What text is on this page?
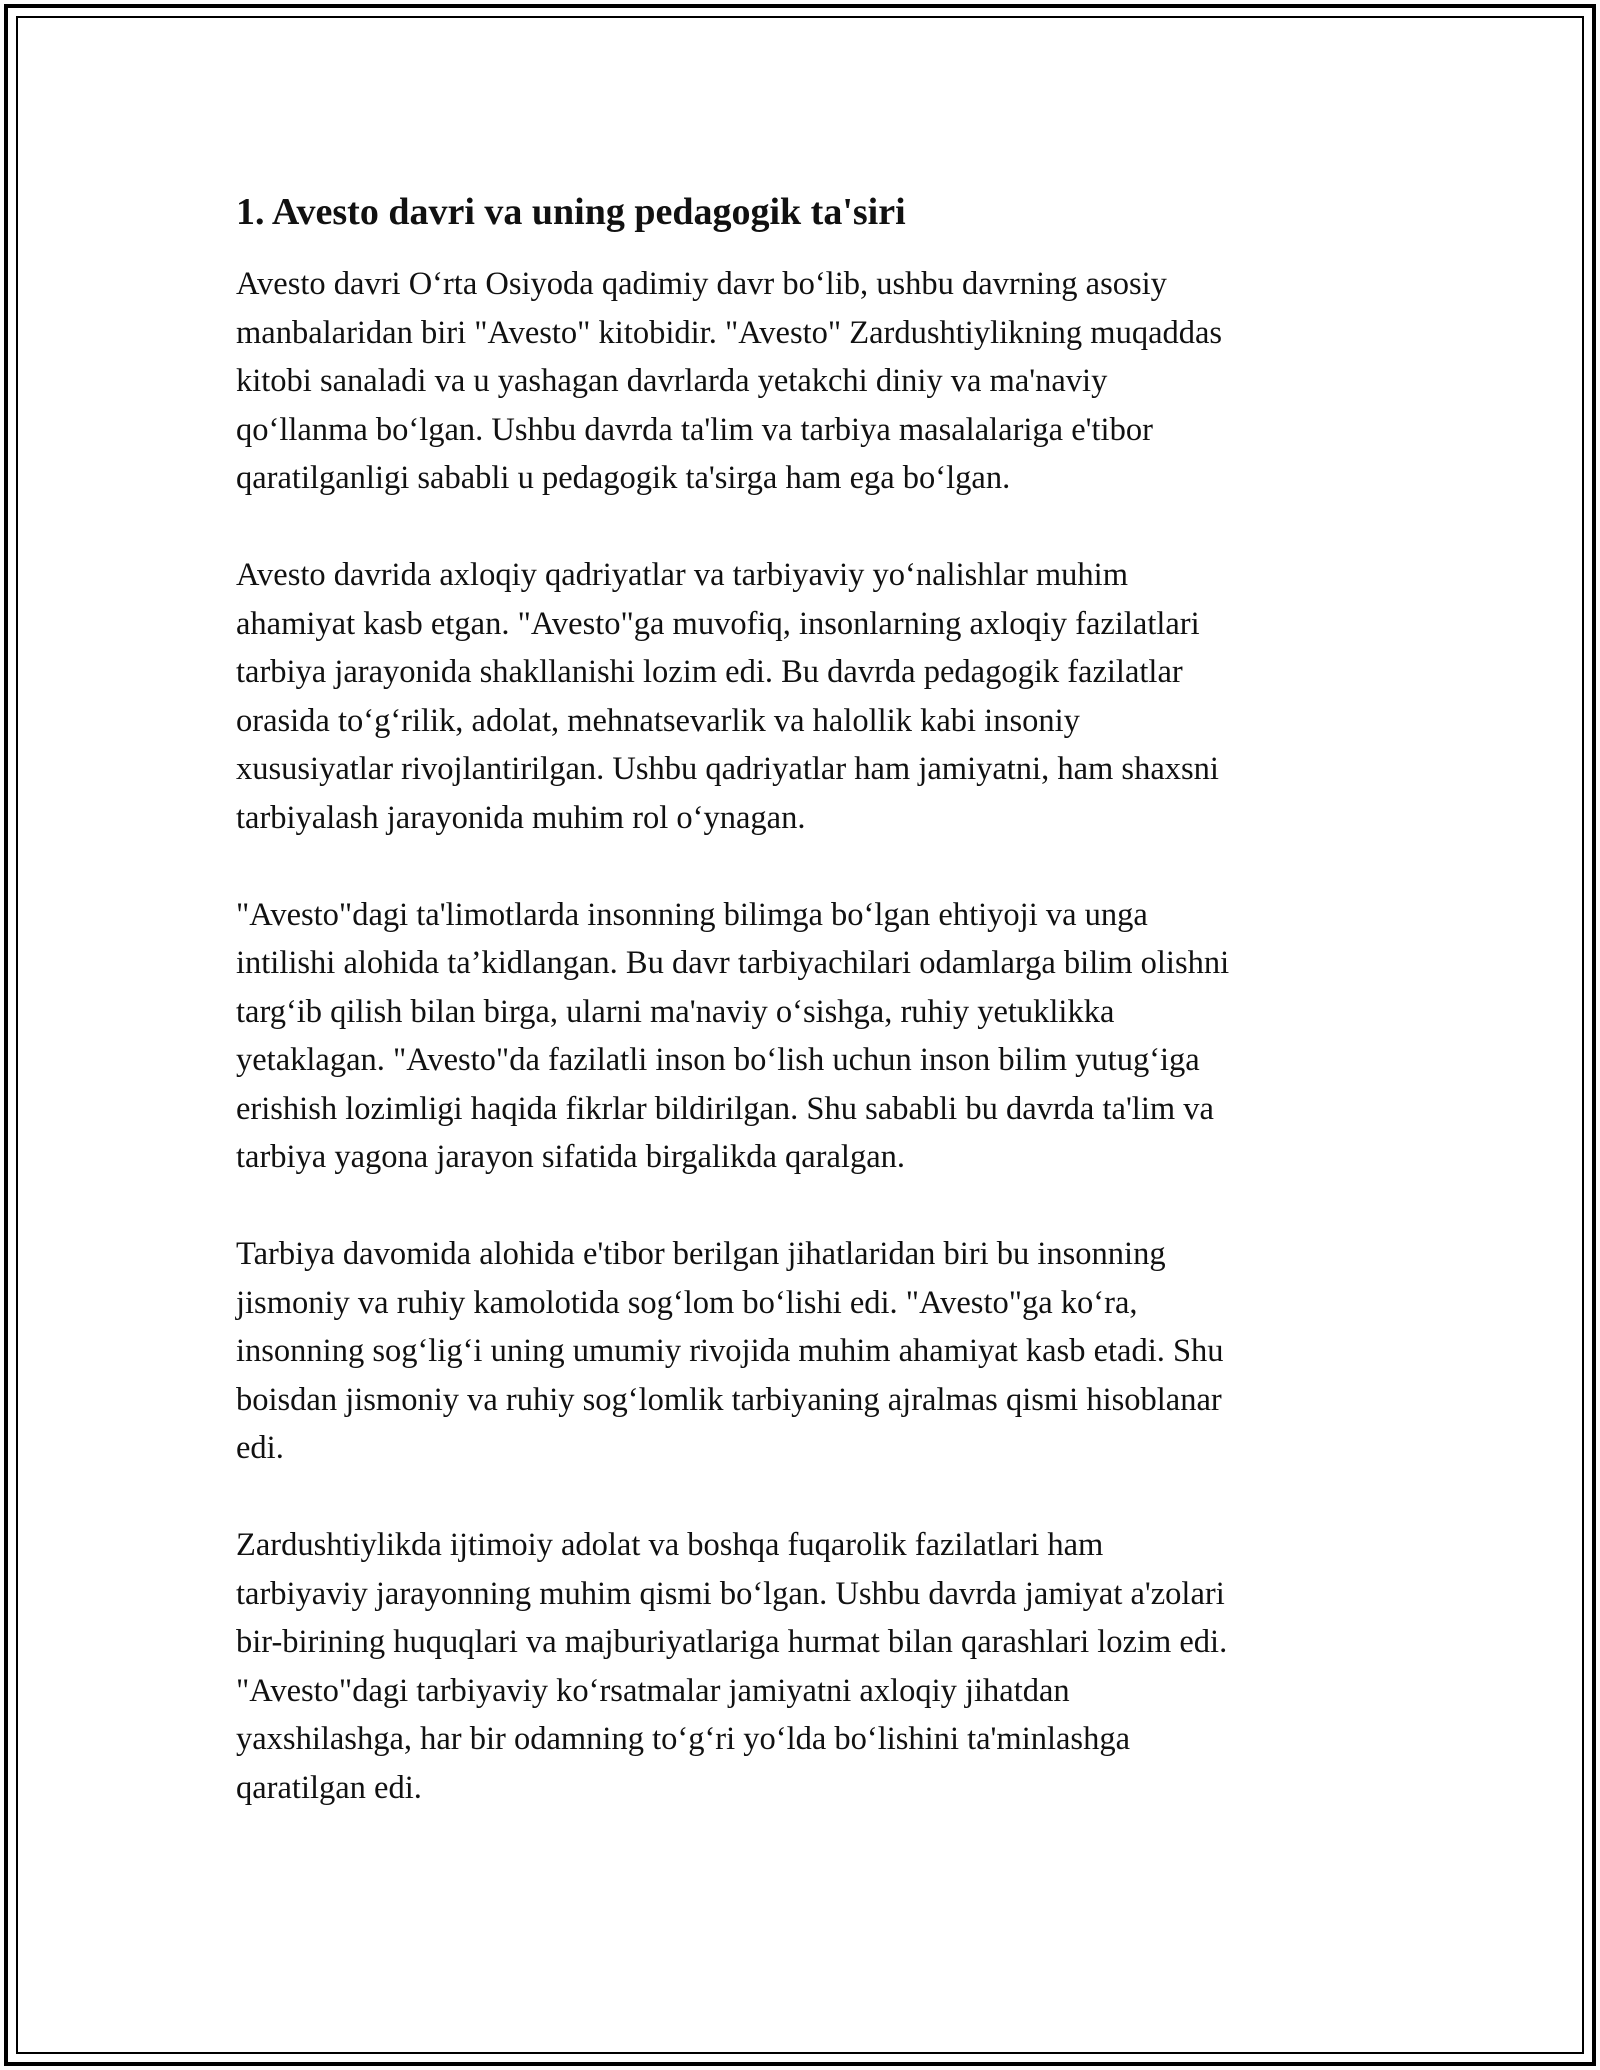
1. Avesto davri va uning pedagogik ta'siri

Avesto davri O‘rta Osiyoda qadimiy davr bo‘lib, ushbu davrning asosiy
manbalaridan biri "Avesto" kitobidir. "Avesto" Zardushtiylikning muqaddas
kitobi sanaladi va u yashagan davrlarda yetakchi diniy va ma'naviy
qo‘llanma bo‘lgan. Ushbu davrda ta'lim va tarbiya masalalariga e'tibor
qaratilganligi sababli u pedagogik ta'sirga ham ega bo‘lgan.

Avesto davrida axloqiy qadriyatlar va tarbiyaviy yo‘nalishlar muhim
ahamiyat kasb etgan. "Avesto"ga muvofiq, insonlarning axloqiy fazilatlari
tarbiya jarayonida shakllanishi lozim edi. Bu davrda pedagogik fazilatlar
orasida to‘g‘rilik, adolat, mehnatsevarlik va halollik kabi insoniy
xususiyatlar rivojlantirilgan. Ushbu qadriyatlar ham jamiyatni, ham shaxsni
tarbiyalash jarayonida muhim rol o‘ynagan.

"Avesto"dagi ta'limotlarda insonning bilimga bo‘lgan ehtiyoji va unga
intilishi alohida ta’kidlangan. Bu davr tarbiyachilari odamlarga bilim olishni
targ‘ib qilish bilan birga, ularni ma'naviy o‘sishga, ruhiy yetuklikka
yetaklagan. "Avesto"da fazilatli inson bo‘lish uchun inson bilim yutug‘iga
erishish lozimligi haqida fikrlar bildirilgan. Shu sababli bu davrda ta'lim va
tarbiya yagona jarayon sifatida birgalikda qaralgan.

Tarbiya davomida alohida e'tibor berilgan jihatlaridan biri bu insonning
jismoniy va ruhiy kamolotida sog‘lom bo‘lishi edi. "Avesto"ga ko‘ra,
insonning sog‘lig‘i uning umumiy rivojida muhim ahamiyat kasb etadi. Shu
boisdan jismoniy va ruhiy sog‘lomlik tarbiyaning ajralmas qismi hisoblanar
edi.

Zardushtiylikda ijtimoiy adolat va boshqa fuqarolik fazilatlari ham
tarbiyaviy jarayonning muhim qismi bo‘lgan. Ushbu davrda jamiyat a'zolari
bir-birining huquqlari va majburiyatlariga hurmat bilan qarashlari lozim edi.
"Avesto"dagi tarbiyaviy ko‘rsatmalar jamiyatni axloqiy jihatdan
yaxshilashga, har bir odamning to‘g‘ri yo‘lda bo‘lishini ta'minlashga
qaratilgan edi.
